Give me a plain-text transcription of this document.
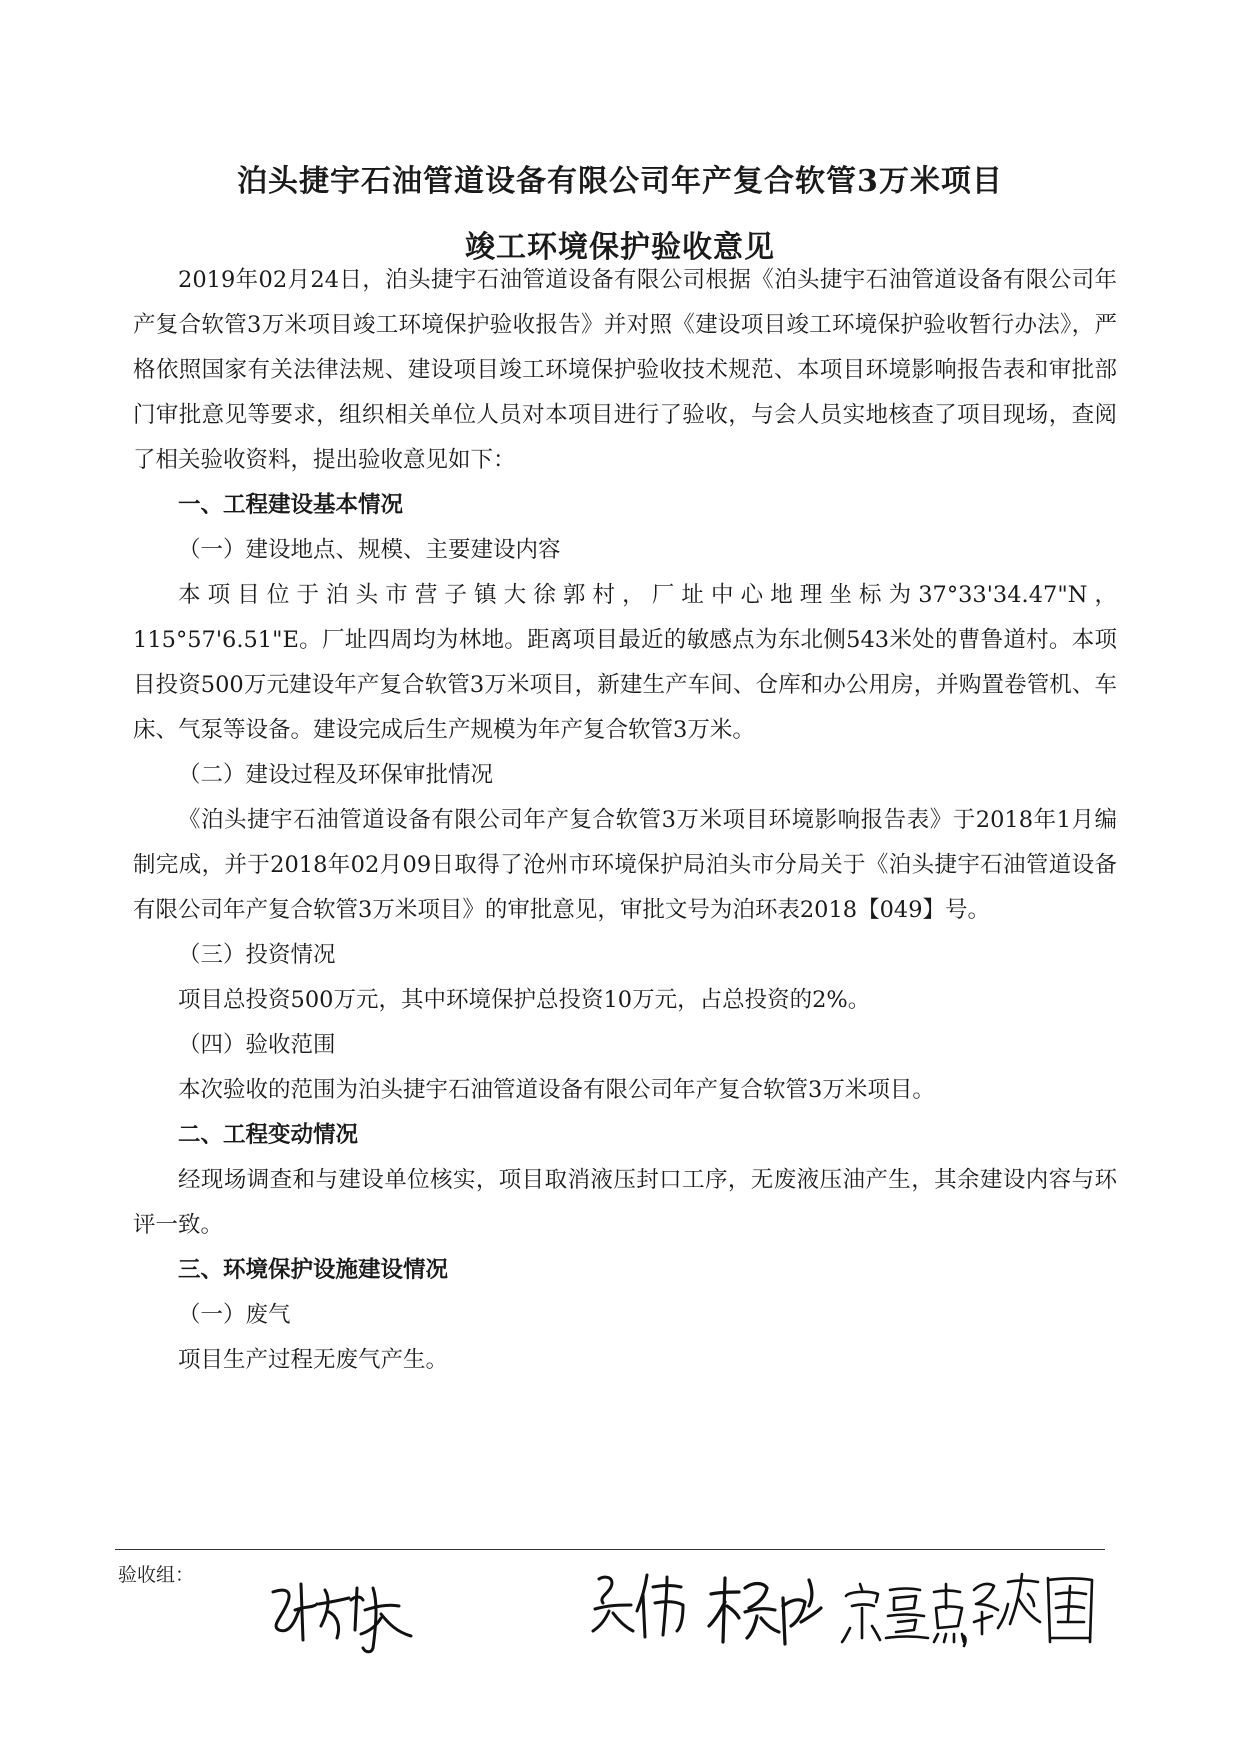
泊头捷宇石油管道设备有限公司年产复合软管3万米项目
竣工环境保护验收意见

2019年02月24日，泊头捷宇石油管道设备有限公司根据《泊头捷宇石油管道设备有限公司年产复合软管3万米项目竣工环境保护验收报告》并对照《建设项目竣工环境保护验收暂行办法》，严格依照国家有关法律法规、建设项目竣工环境保护验收技术规范、本项目环境影响报告表和审批部门审批意见等要求，组织相关单位人员对本项目进行了验收，与会人员实地核查了项目现场，查阅了相关验收资料，提出验收意见如下：

一、工程建设基本情况

（一）建设地点、规模、主要建设内容

本项目位于泊头市营子镇大徐郭村，厂址中心地理坐标为37°33'34.47"N，115°57'6.51"E。厂址四周均为林地。距离项目最近的敏感点为东北侧543米处的曹鲁道村。本项目投资500万元建设年产复合软管3万米项目，新建生产车间、仓库和办公用房，并购置卷管机、车床、气泵等设备。建设完成后生产规模为年产复合软管3万米。

（二）建设过程及环保审批情况

《泊头捷宇石油管道设备有限公司年产复合软管3万米项目环境影响报告表》于2018年1月编制完成，并于2018年02月09日取得了沧州市环境保护局泊头市分局关于《泊头捷宇石油管道设备有限公司年产复合软管3万米项目》的审批意见，审批文号为泊环表2018【049】号。

（三）投资情况

项目总投资500万元，其中环境保护总投资10万元，占总投资的2%。

（四）验收范围

本次验收的范围为泊头捷宇石油管道设备有限公司年产复合软管3万米项目。

二、工程变动情况

经现场调查和与建设单位核实，项目取消液压封口工序，无废液压油产生，其余建设内容与环评一致。

三、环境保护设施建设情况

（一）废气

项目生产过程无废气产生。

验收组：
